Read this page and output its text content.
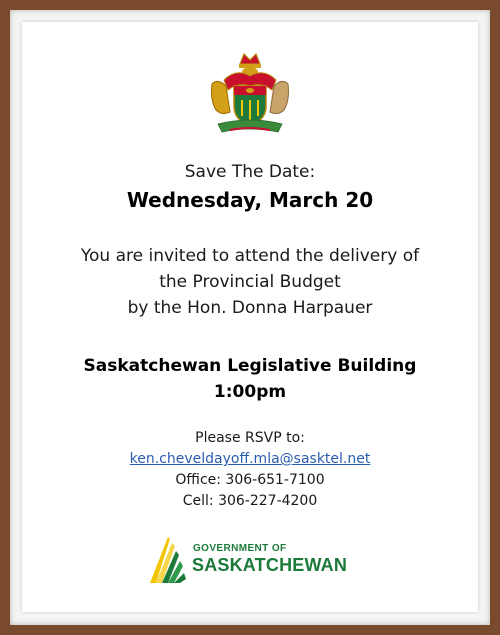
Save The Date:
Wednesday, March 20
You are invited to attend the delivery of
the Provincial Budget
by the Hon. Donna Harpauer
Saskatchewan Legislative Building
1:00pm
Please RSVP to:
ken.cheveldayoff.mla@sasktel.net
Office: 306-651-7100
Cell: 306-227-4200
GOVERNMENT OF
SASKATCHEWAN
